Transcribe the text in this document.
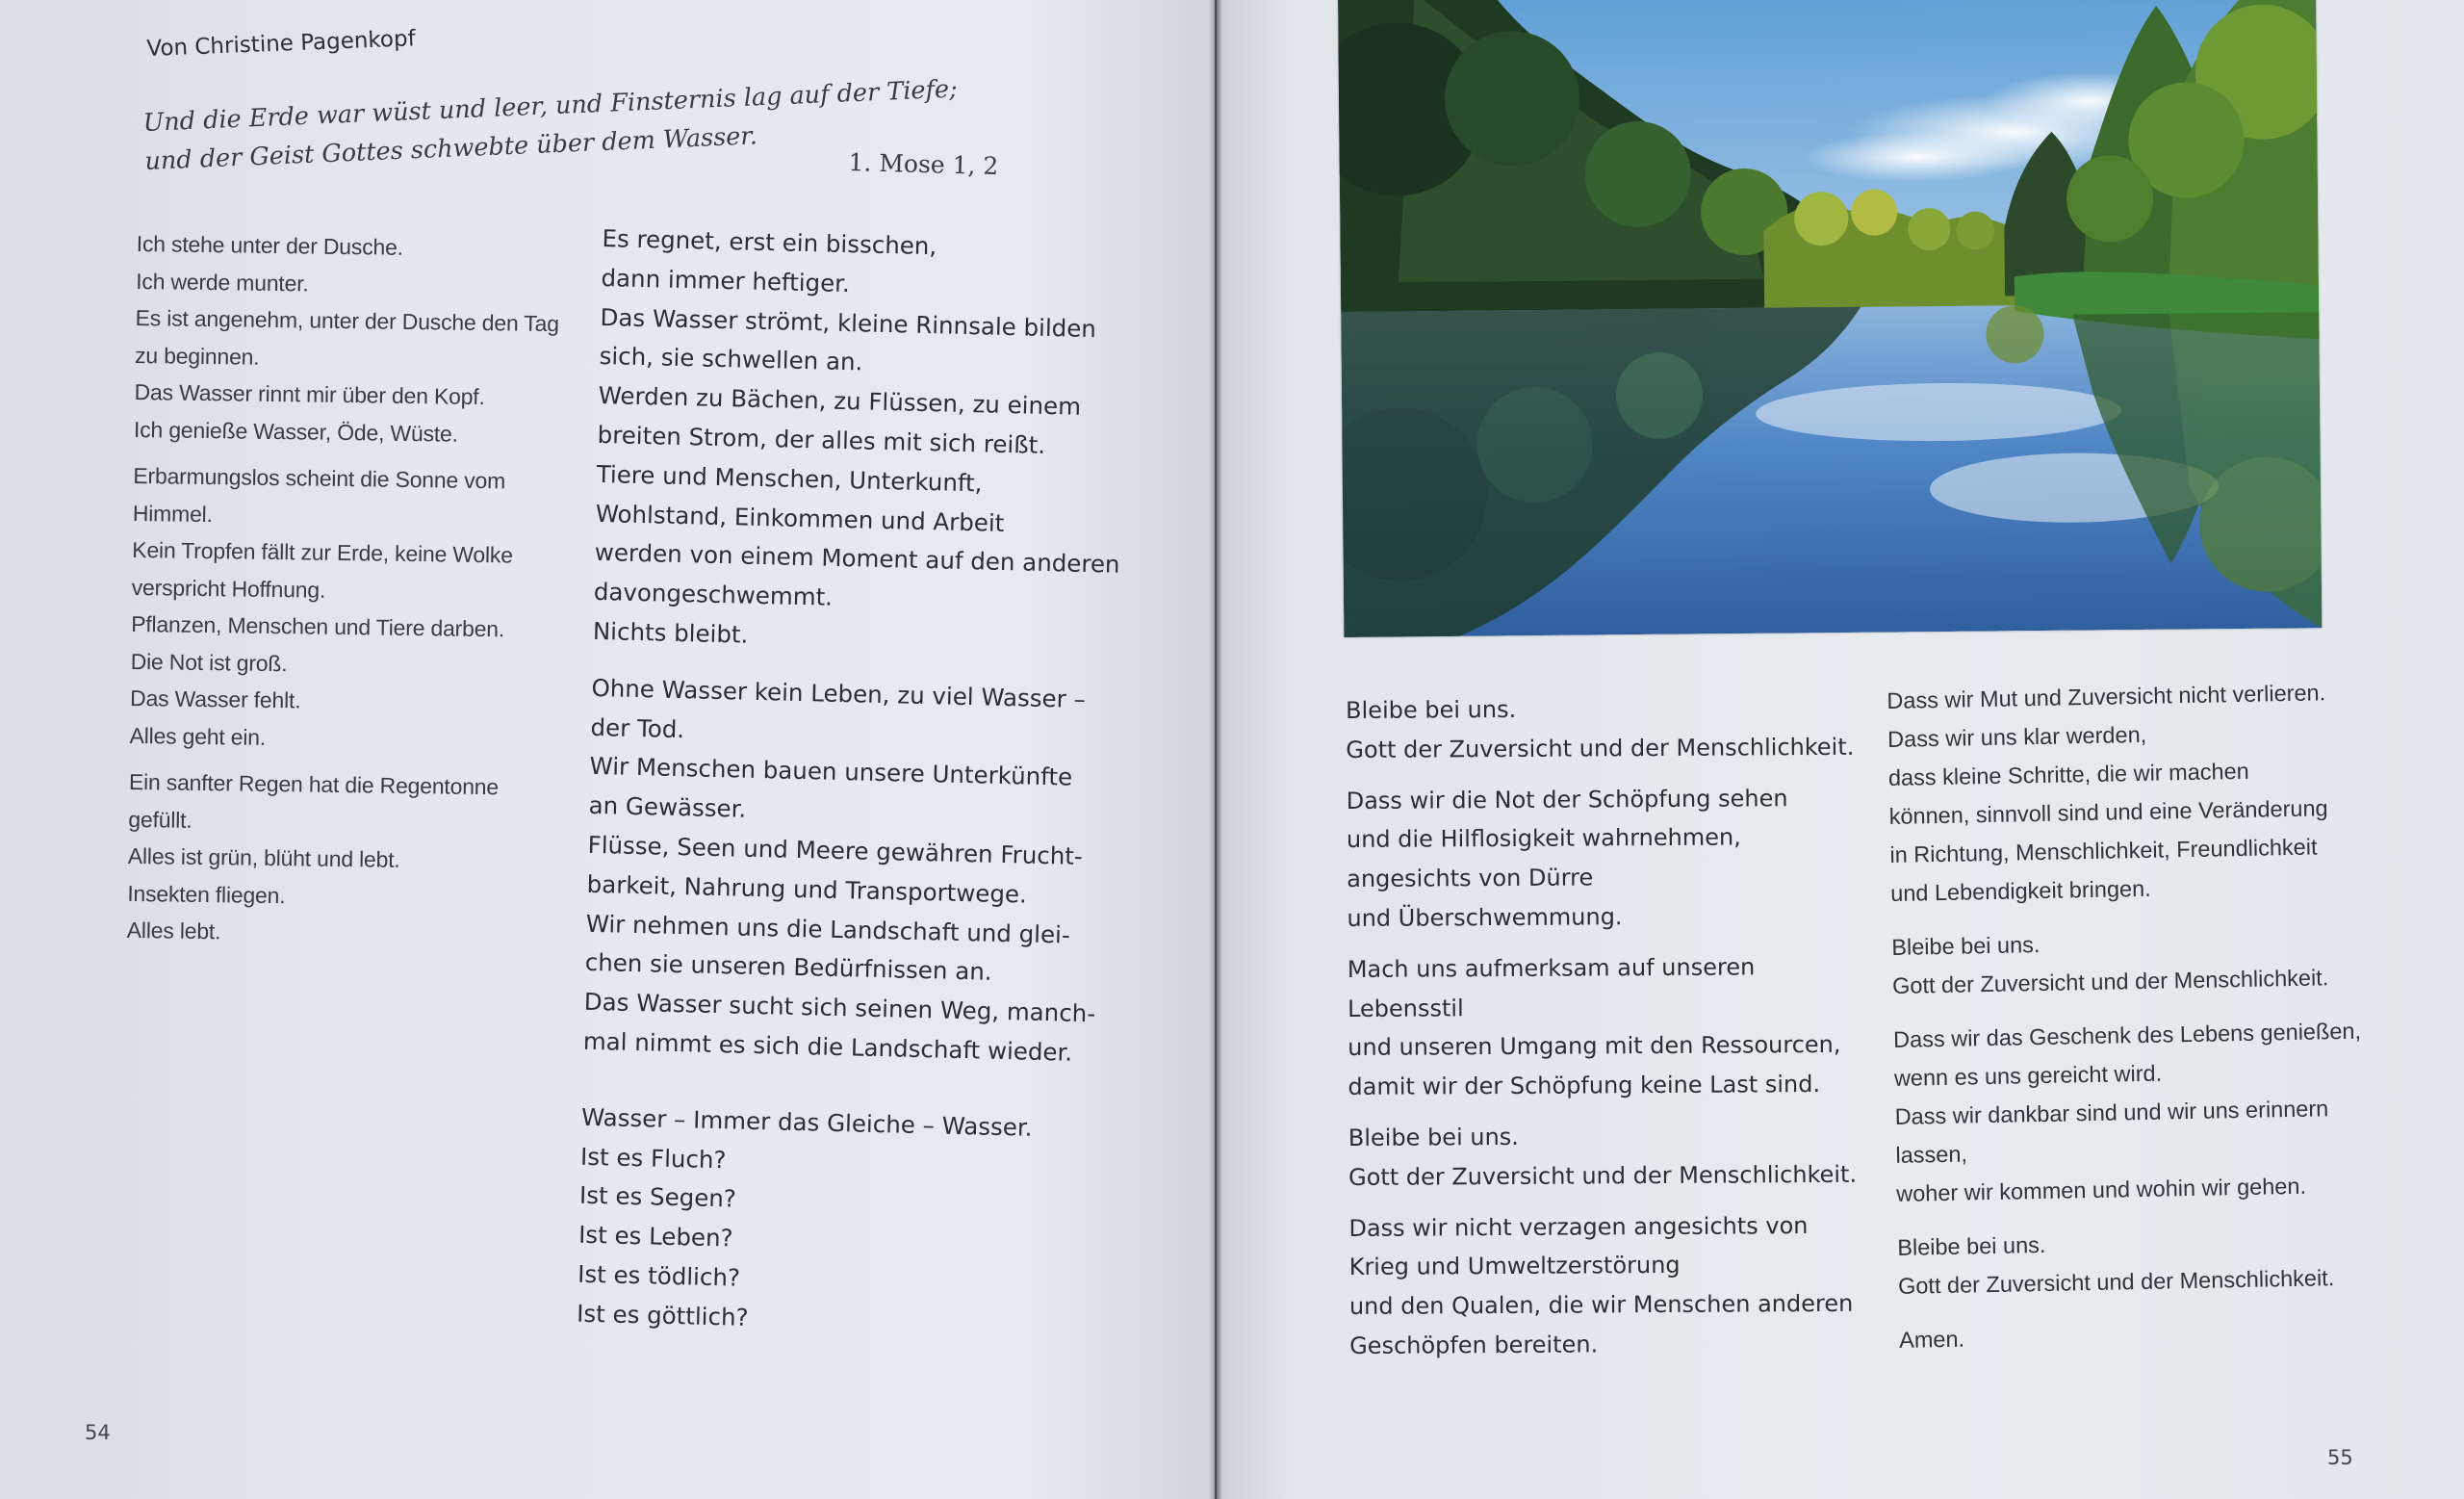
Von Christine Pagenkopf

Und die Erde war wüst und leer, und Finsternis lag auf der Tiefe;

und der Geist Gottes schwebte über dem Wasser.	1. Mose 1, 2

Ich stehe unter der Dusche.

Ich werde munter.

Es ist angenehm, unter der Dusche den Tag

zu beginnen.

Das Wasser rinnt mir über den Kopf.

Ich genieße Wasser, Öde, Wüste.

Erbarmungslos scheint die Sonne vom

Himmel.

Kein Tropfen fällt zur Erde, keine Wolke

verspricht Hoffnung.

Pflanzen, Menschen und Tiere darben.

Die Not ist groß.

Das Wasser fehlt.

Alles geht ein.

Ein sanfter Regen hat die Regentonne

gefüllt.

Alles ist grün, blüht und lebt.

Insekten fliegen.

Alles lebt.

Es regnet, erst ein bisschen,

dann immer heftiger.

Das Wasser strömt, kleine Rinnsale bilden

sich, sie schwellen an.

Werden zu Bächen, zu Flüssen, zu einem

breiten Strom, der alles mit sich reißt.

Tiere und Menschen, Unterkunft,

Wohlstand, Einkommen und Arbeit

werden von einem Moment auf den anderen

davongeschwemmt.

Nichts bleibt.

Ohne Wasser kein Leben, zu viel Wasser –

der Tod.

Wir Menschen bauen unsere Unterkünfte

an Gewässer.

Flüsse, Seen und Meere gewähren Frucht-

barkeit, Nahrung und Transportwege.

Wir nehmen uns die Landschaft und glei-

chen sie unseren Bedürfnissen an.

Das Wasser sucht sich seinen Weg, manch-

mal nimmt es sich die Landschaft wieder.

Wasser – Immer das Gleiche – Wasser.

Ist es Fluch?

Ist es Segen?

Ist es Leben?

Ist es tödlich?

Ist es göttlich?

54
55

Bleibe bei uns.

Gott der Zuversicht und der Menschlichkeit.

Dass wir die Not der Schöpfung sehen

und die Hilflosigkeit wahrnehmen,

angesichts von Dürre

und Überschwemmung.

Mach uns aufmerksam auf unseren

Lebensstil

und unseren Umgang mit den Ressourcen,

damit wir der Schöpfung keine Last sind.

Bleibe bei uns.

Gott der Zuversicht und der Menschlichkeit.

Dass wir nicht verzagen angesichts von

Krieg und Umweltzerstörung

und den Qualen, die wir Menschen anderen

Geschöpfen bereiten.

Dass wir Mut und Zuversicht nicht verlieren.

Dass wir uns klar werden,

dass kleine Schritte, die wir machen

können, sinnvoll sind und eine Veränderung

in Richtung, Menschlichkeit, Freundlichkeit

und Lebendigkeit bringen.

Bleibe bei uns.

Gott der Zuversicht und der Menschlichkeit.

Dass wir das Geschenk des Lebens genießen,

wenn es uns gereicht wird.

Dass wir dankbar sind und wir uns erinnern

lassen,

woher wir kommen und wohin wir gehen.

Bleibe bei uns.

Gott der Zuversicht und der Menschlichkeit.

Amen.
